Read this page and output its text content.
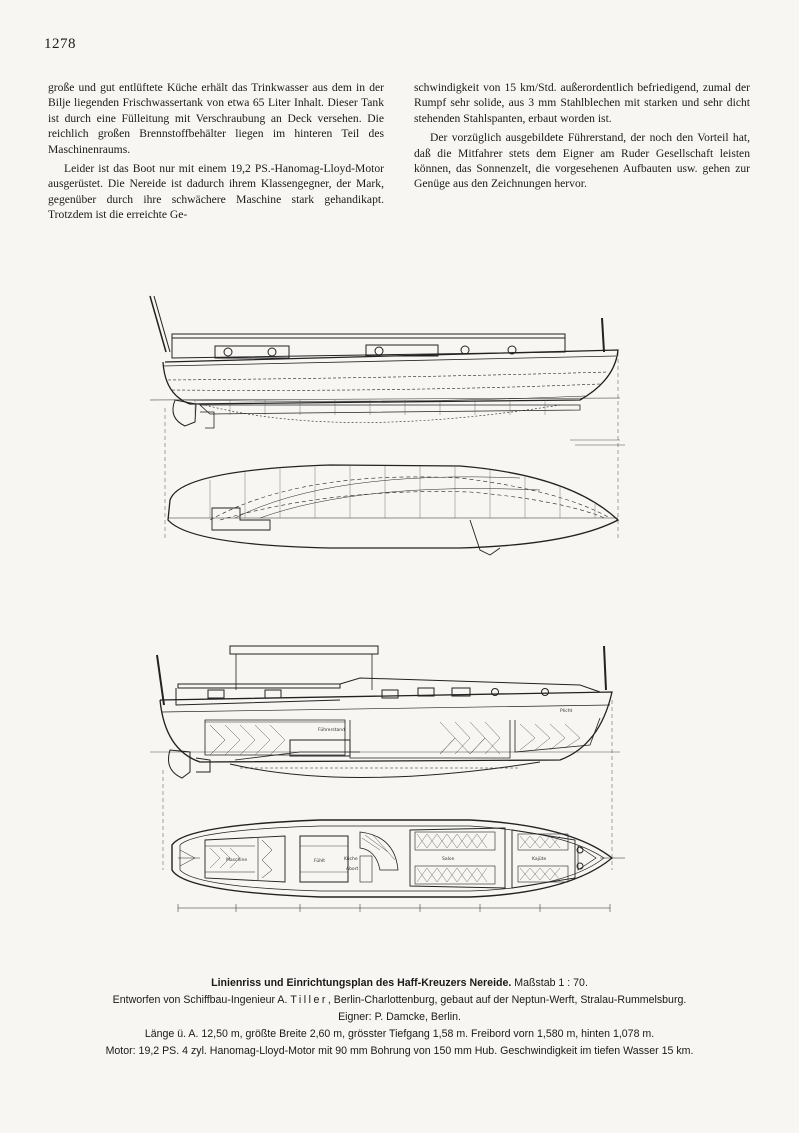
1278

große und gut entlüftete Küche erhält das Trinkwasser aus dem in der Bilje liegenden Frischwassertank von etwa 65 Liter Inhalt. Dieser Tank ist durch eine Fülleitung mit Verschraubung an Deck versehen. Die reichlich großen Brennstoffbehälter liegen im hinteren Teil des Maschinenraums.

Leider ist das Boot nur mit einem 19,2 PS.-Hanomag-Lloyd-Motor ausgerüstet. Die Nereide ist dadurch ihrem Klassengegner, der Mark, gegenüber durch ihre schwächere Maschine stark gehandikapt. Trotzdem ist die erreichte Ge-

schwindigkeit von 15 km/Std. außerordentlich befriedigend, zumal der Rumpf sehr solide, aus 3 mm Stahlblechen mit starken und sehr dicht stehenden Stahlspanten, erbaut worden ist.

Der vorzüglich ausgebildete Führerstand, der noch den Vorteil hat, daß die Mitfahrer stets dem Eigner am Ruder Gesellschaft leisten können, das Sonnenzelt, die vorgesehenen Aufbauten usw. gehen zur Genüge aus den Zeichnungen hervor.

Maschine	Salon	Kajüte
Fühlt	Küche
Abort
Führerstand
Plicht
Linienriss und Einrichtungsplan des Haff-Kreuzers Nereide. Maßstab 1 : 70.
Entworfen von Schiffbau-Ingenieur A. Tiller, Berlin-Charlottenburg, gebaut auf der Neptun-Werft, Stralau-Rummelsburg.
Eigner: P. Damcke, Berlin.
Länge ü. A. 12,50 m, größte Breite 2,60 m, grösster Tiefgang 1,58 m. Freibord vorn 1,580 m, hinten 1,078 m.
Motor: 19,2 PS. 4 zyl. Hanomag-Lloyd-Motor mit 90 mm Bohrung von 150 mm Hub. Geschwindigkeit im tiefen Wasser 15 km.
